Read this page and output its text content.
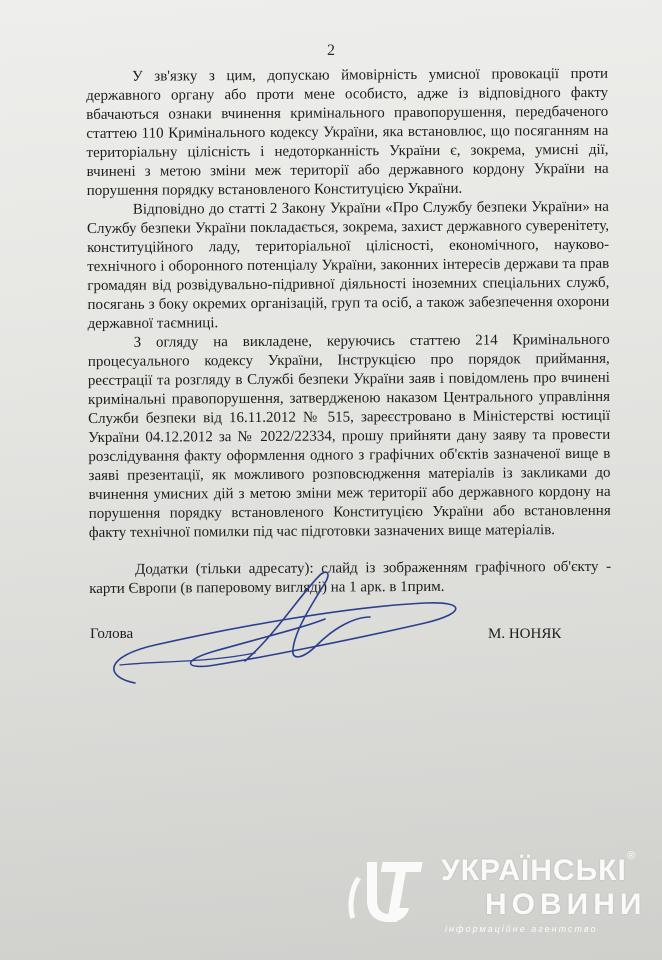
2

У зв'язку з цим, допускаю ймовірність умисної провокації проти державного органу або проти мене особисто, адже із відповідного факту вбачаються ознаки вчинення кримінального правопорушення, передбаченого статтею 110 Кримінального кодексу України, яка встановлює, що посяганням на територіальну цілісність і недоторканність України є, зокрема, умисні дії, вчинені з метою зміни меж території або державного кордону України на порушення порядку встановленого Конституцією України.

Відповідно до статті 2 Закону України «Про Службу безпеки України» на Службу безпеки України покладається, зокрема, захист державного суверенітету, конституційного ладу, територіальної цілісності, економічного, науково-технічного і оборонного потенціалу України, законних інтересів держави та прав громадян від розвідувально-підривної діяльності іноземних спеціальних служб, посягань з боку окремих організацій, груп та осіб, а також забезпечення охорони державної таємниці.

З огляду на викладене, керуючись статтею 214 Кримінального процесуального кодексу України, Інструкцією про порядок приймання, реєстрації та розгляду в Службі безпеки України заяв і повідомлень про вчинені кримінальні правопорушення, затвердженою наказом Центрального управління Служби безпеки від 16.11.2012 № 515, зареєстровано в Міністерстві юстиції України 04.12.2012 за № 2022/22334, прошу прийняти дану заяву та провести розслідування факту оформлення одного з графічних об'єктів зазначеної вище в заяві презентації, як можливого розповсюдження матеріалів із закликами до вчинення умисних дій з метою зміни меж території або державного кордону на порушення порядку встановленого Конституцією України або встановлення факту технічної помилки під час підготовки зазначених вище матеріалів.

Додатки (тільки адресату): слайд із зображенням графічного об'єкту - карти Європи (в паперовому вигляді) на 1 арк. в 1прим.

Голова	М. НОНЯК
УКРАЇНСЬКІ ®
НОВИНИ
інформаційне агентство
